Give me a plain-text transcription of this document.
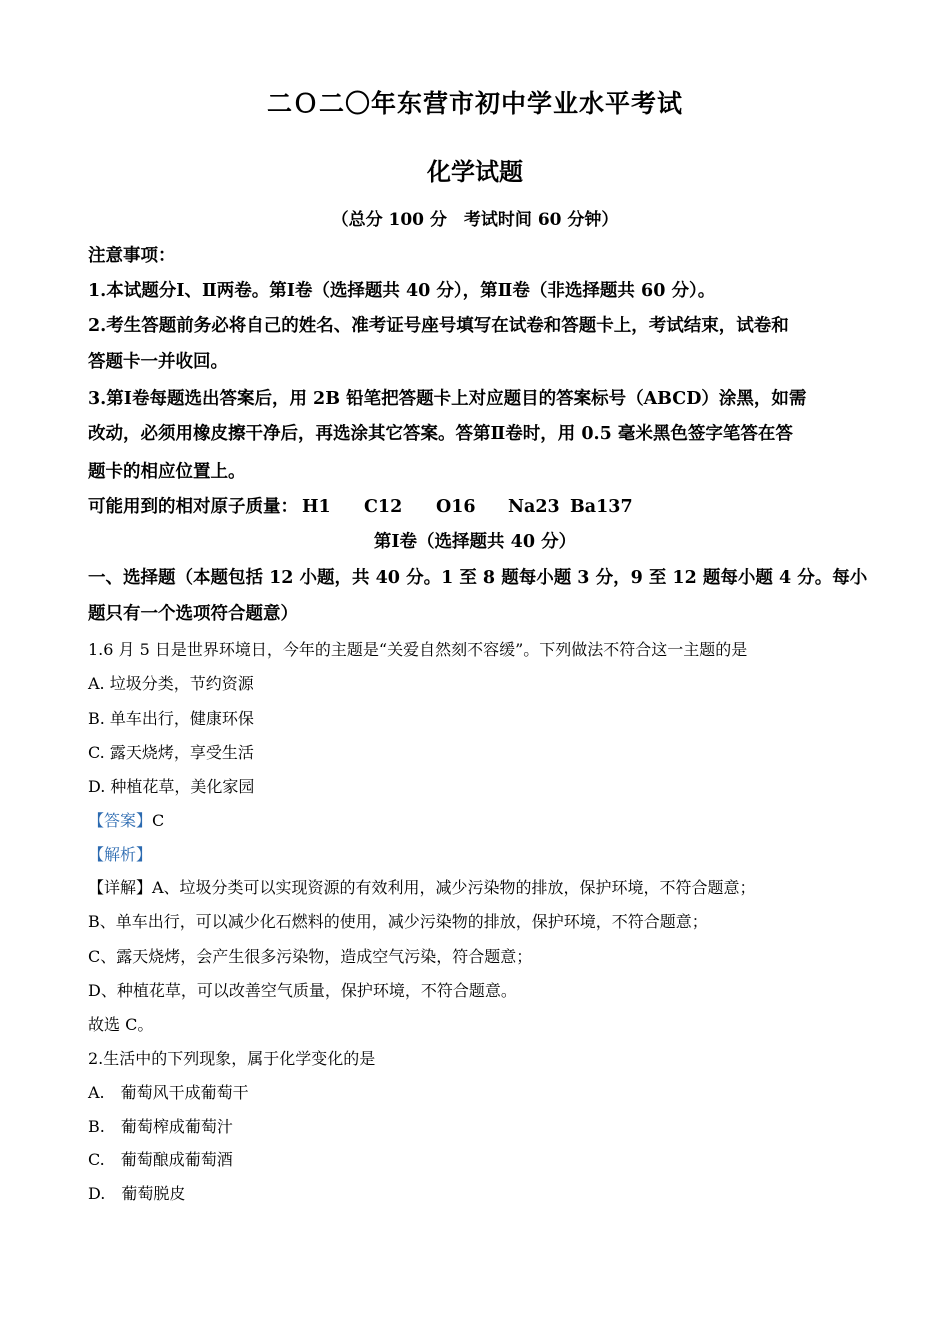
二Ｏ二〇年东营市初中学业水平考试
化学试题
（总分 100 分　考试时间 60 分钟）
注意事项：
1.本试题分Ⅰ、Ⅱ两卷。第Ⅰ卷（选择题共 40 分），第Ⅱ卷（非选择题共 60 分）。
2.考生答题前务必将自己的姓名、准考证号座号填写在试卷和答题卡上，考试结束，试卷和
答题卡一并收回。
3.第Ⅰ卷每题选出答案后，用 2B 铅笔把答题卡上对应题目的答案标号（ABCD）涂黑，如需
改动，必须用橡皮擦干净后，再选涂其它答案。答第Ⅱ卷时，用 0.5 毫米黑色签字笔答在答
题卡的相应位置上。
可能用到的相对原子质量： H1 C12 O16 Na23 Ba137
第Ⅰ卷（选择题共 40 分）
一、选择题（本题包括 12 小题，共 40 分。1 至 8 题每小题 3 分，9 至 12 题每小题 4 分。每小
题只有一个选项符合题意）
1.6 月 5 日是世界环境日，今年的主题是“关爱自然刻不容缓”。下列做法不符合这一主题的是
A. 垃圾分类，节约资源
B. 单车出行，健康环保
C. 露天烧烤，享受生活
D. 种植花草，美化家园
【答案】C
【解析】
【详解】A、垃圾分类可以实现资源的有效利用，减少污染物的排放，保护环境，不符合题意；
B、单车出行，可以减少化石燃料的使用，减少污染物的排放，保护环境，不符合题意；
C、露天烧烤，会产生很多污染物，造成空气污染，符合题意；
D、种植花草，可以改善空气质量，保护环境，不符合题意。
故选 C。
2.生活中的下列现象，属于化学变化的是
A.　葡萄风干成葡萄干
B.　葡萄榨成葡萄汁
C.　葡萄酿成葡萄酒
D.　葡萄脱皮
